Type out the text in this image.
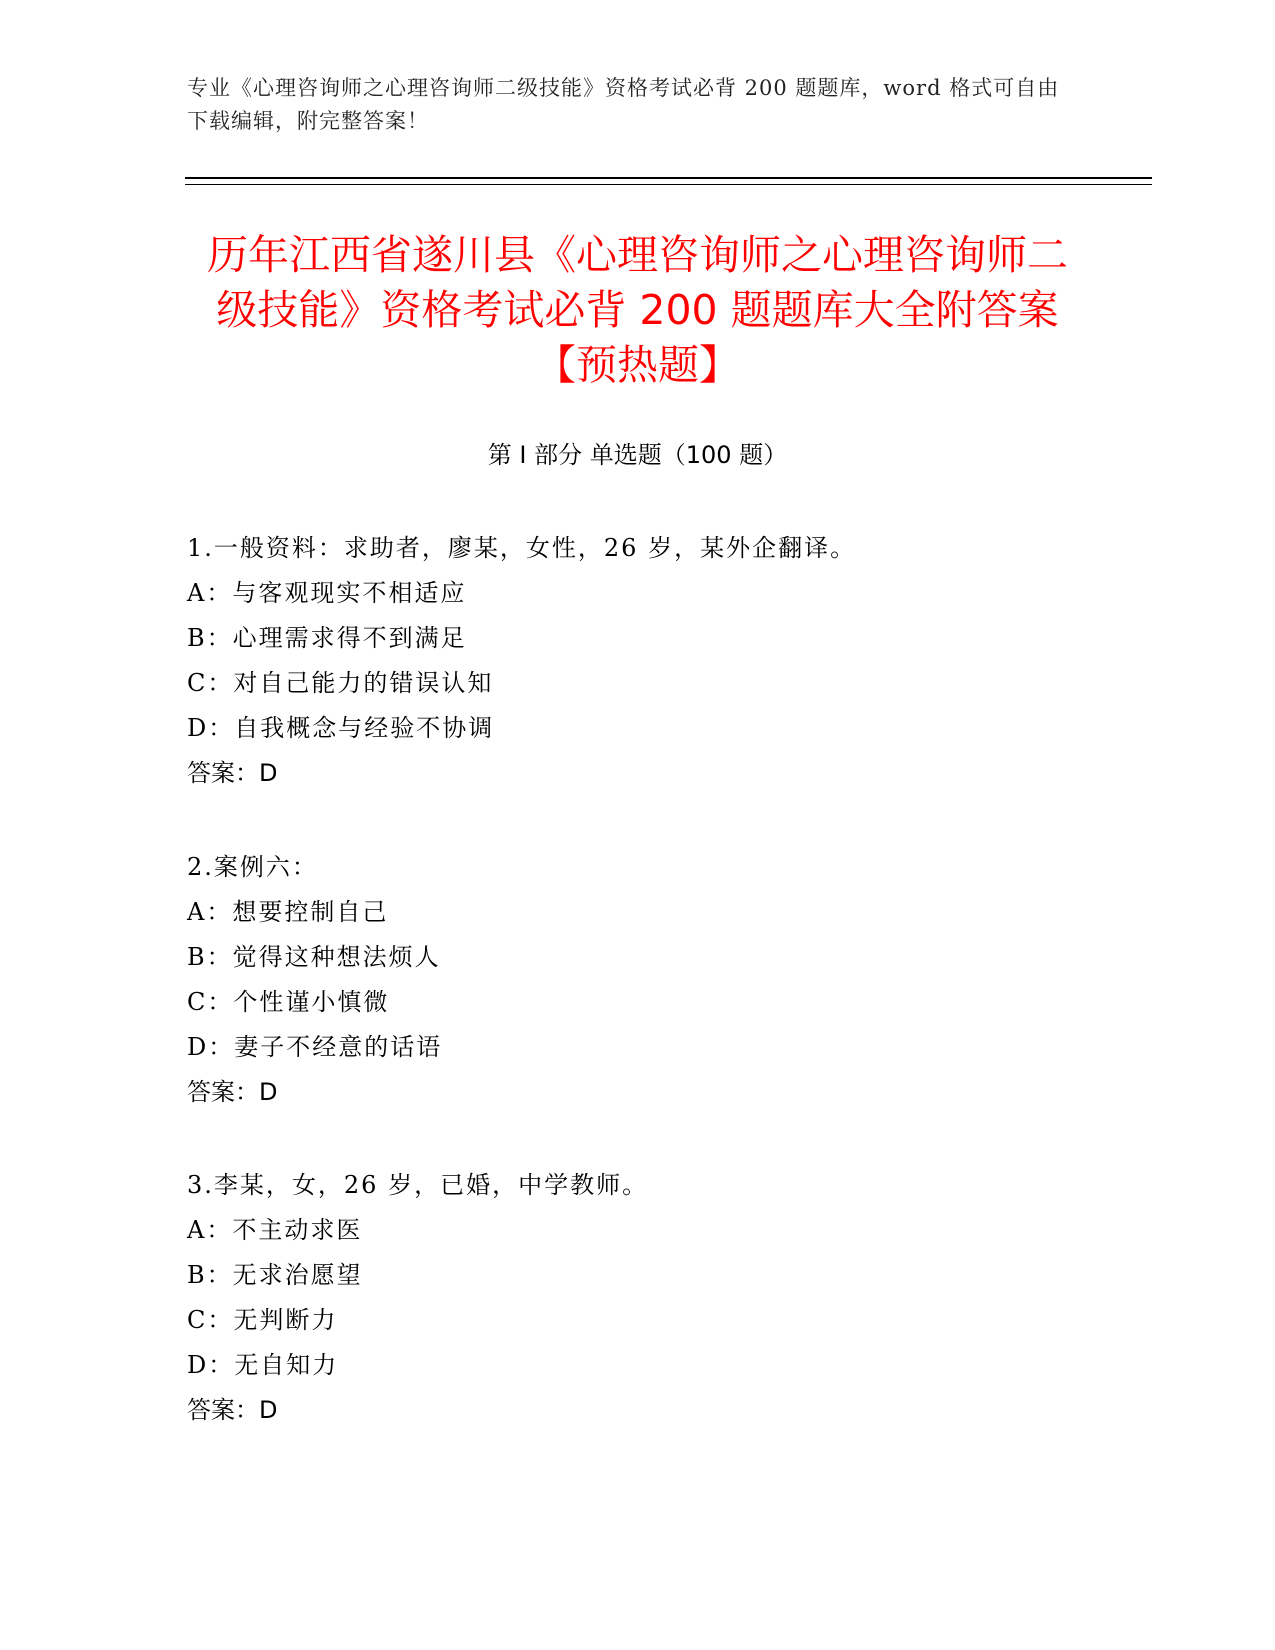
专业《心理咨询师之心理咨询师二级技能》资格考试必背 200 题题库，word 格式可自由下载编辑，附完整答案！
历年江西省遂川县《心理咨询师之心理咨询师二级技能》资格考试必背 200 题题库大全附答案【预热题】
第 I 部分 单选题（100 题）
1.一般资料：求助者，廖某，女性，26 岁，某外企翻译。
A：与客观现实不相适应
B：心理需求得不到满足
C：对自己能力的错误认知
D：自我概念与经验不协调
答案：D
2.案例六：
A：想要控制自己
B：觉得这种想法烦人
C：个性谨小慎微
D：妻子不经意的话语
答案：D
3.李某，女，26 岁，已婚，中学教师。
A：不主动求医
B：无求治愿望
C：无判断力
D：无自知力
答案：D
